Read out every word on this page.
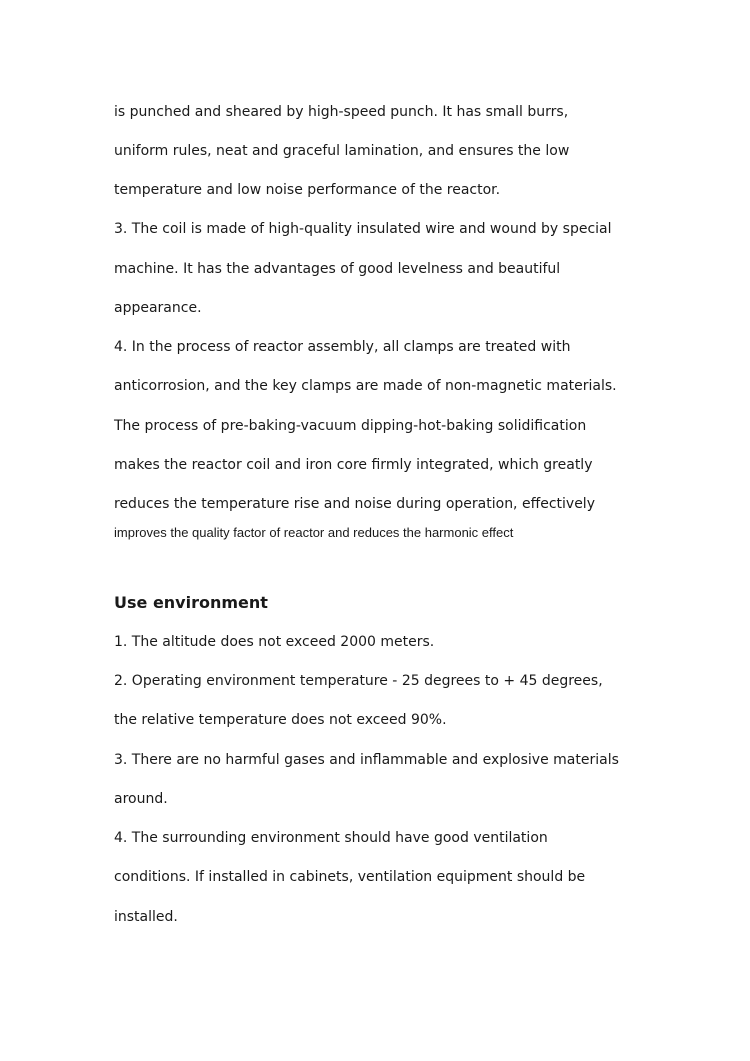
is punched and sheared by high-speed punch. It has small burrs,
uniform rules, neat and graceful lamination, and ensures the low
temperature and low noise performance of the reactor.
3. The coil is made of high-quality insulated wire and wound by special
machine. It has the advantages of good levelness and beautiful
appearance.
4. In the process of reactor assembly, all clamps are treated with
anticorrosion, and the key clamps are made of non-magnetic materials.
The process of pre-baking-vacuum dipping-hot-baking solidification
makes the reactor coil and iron core firmly integrated, which greatly
reduces the temperature rise and noise during operation, effectively
improves the quality factor of reactor and reduces the harmonic effect
Use environment
1. The altitude does not exceed 2000 meters.
2. Operating environment temperature - 25 degrees to + 45 degrees,
the relative temperature does not exceed 90%.
3. There are no harmful gases and inflammable and explosive materials
around.
4. The surrounding environment should have good ventilation
conditions. If installed in cabinets, ventilation equipment should be
installed.
